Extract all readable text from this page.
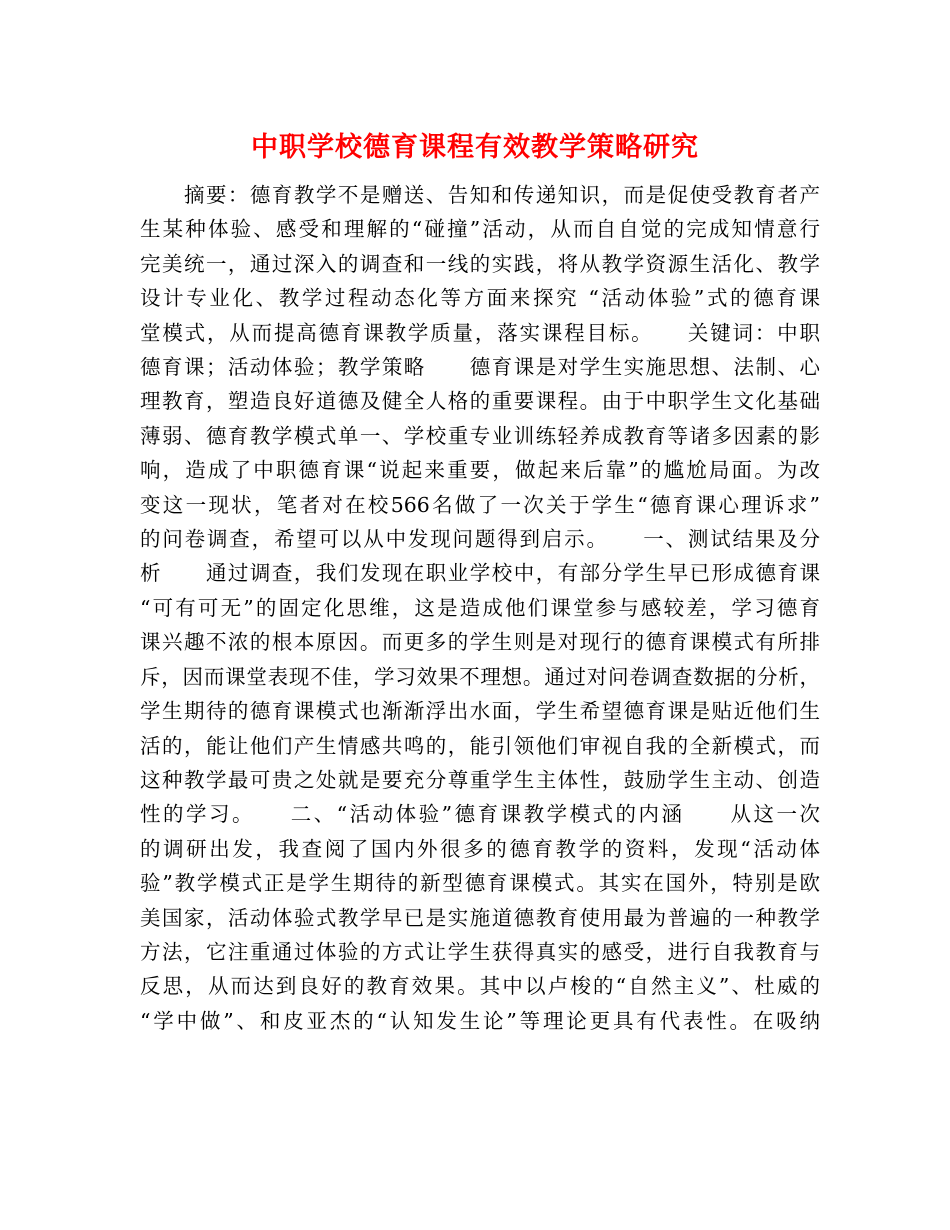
中职学校德育课程有效教学策略研究
　　摘要：德育教学不是赠送、告知和传递知识，而是促使受教育者产
生某种体验、感受和理解的“碰撞”活动，从而自自觉的完成知情意行
完美统一，通过深入的调查和一线的实践，将从教学资源生活化、教学
设计专业化、教学过程动态化等方面来探究 “活动体验”式的德育课
堂模式，从而提高德育课教学质量，落实课程目标。　　关键词：中职
德育课；活动体验；教学策略　　德育课是对学生实施思想、法制、心
理教育，塑造良好道德及健全人格的重要课程。由于中职学生文化基础
薄弱、德育教学模式单一、学校重专业训练轻养成教育等诸多因素的影
响，造成了中职德育课“说起来重要，做起来后靠”的尴尬局面。为改
变这一现状，笔者对在校566名做了一次关于学生“德育课心理诉求”
的问卷调查，希望可以从中发现问题得到启示。　　一、测试结果及分
析　　通过调查，我们发现在职业学校中，有部分学生早已形成德育课
“可有可无”的固定化思维，这是造成他们课堂参与感较差，学习德育
课兴趣不浓的根本原因。而更多的学生则是对现行的德育课模式有所排
斥，因而课堂表现不佳，学习效果不理想。通过对问卷调查数据的分析，
学生期待的德育课模式也渐渐浮出水面，学生希望德育课是贴近他们生
活的，能让他们产生情感共鸣的，能引领他们审视自我的全新模式，而
这种教学最可贵之处就是要充分尊重学生主体性，鼓励学生主动、创造
性的学习。　　二、“活动体验”德育课教学模式的内涵　　从这一次
的调研出发，我查阅了国内外很多的德育教学的资料，发现“活动体
验”教学模式正是学生期待的新型德育课模式。其实在国外，特别是欧
美国家，活动体验式教学早已是实施道德教育使用最为普遍的一种教学
方法，它注重通过体验的方式让学生获得真实的感受，进行自我教育与
反思，从而达到良好的教育效果。其中以卢梭的“自然主义”、杜威的
“学中做”、和皮亚杰的“认知发生论”等理论更具有代表性。在吸纳
